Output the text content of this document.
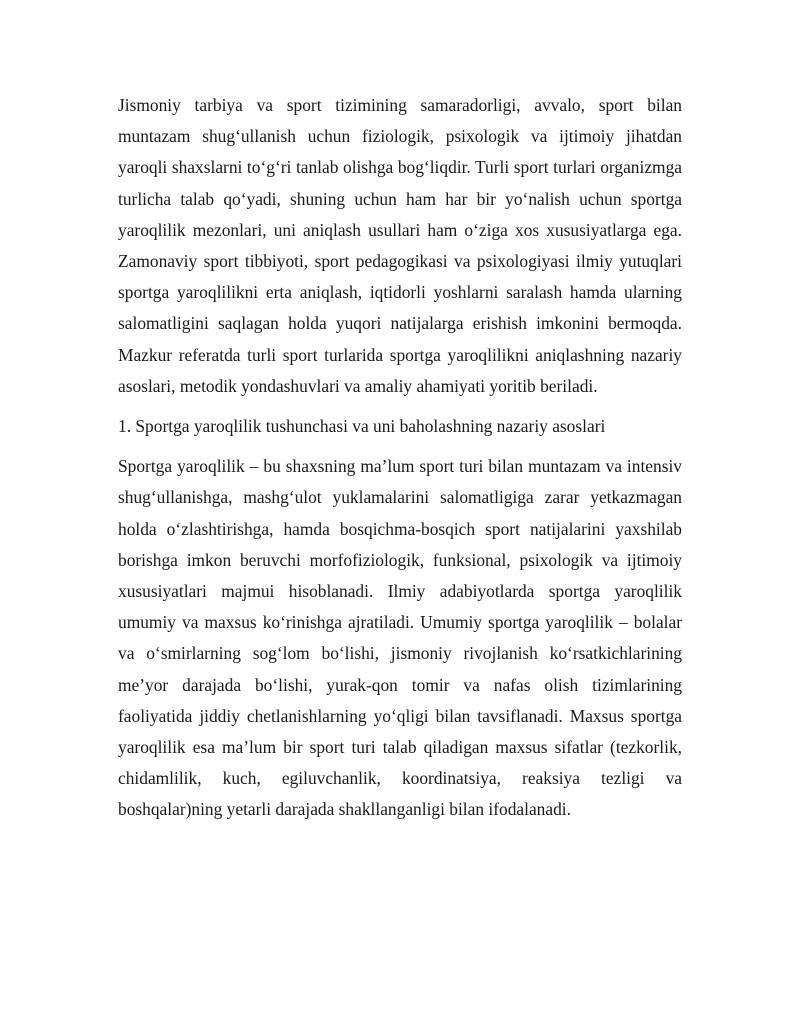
Jismoniy tarbiya va sport tizimining samaradorligi, avvalo, sport bilan muntazam shug‘ullanish uchun fiziologik, psixologik va ijtimoiy jihatdan yaroqli shaxslarni to‘g‘ri tanlab olishga bog‘liqdir. Turli sport turlari organizmga turlicha talab qo‘yadi, shuning uchun ham har bir yo‘nalish uchun sportga yaroqlilik mezonlari, uni aniqlash usullari ham o‘ziga xos xususiyatlarga ega. Zamonaviy sport tibbiyoti, sport pedagogikasi va psixologiyasi ilmiy yutuqlari sportga yaroqlilikni erta aniqlash, iqtidorli yoshlarni saralash hamda ularning salomatligini saqlagan holda yuqori natijalarga erishish imkonini bermoqda. Mazkur referatda turli sport turlarida sportga yaroqlilikni aniqlashning nazariy asoslari, metodik yondashuvlari va amaliy ahamiyati yoritib beriladi.

1. Sportga yaroqlilik tushunchasi va uni baholashning nazariy asoslari

Sportga yaroqlilik – bu shaxsning ma’lum sport turi bilan muntazam va intensiv shug‘ullanishga, mashg‘ulot yuklamalarini salomatligiga zarar yetkazmagan holda o‘zlashtirishga, hamda bosqichma-bosqich sport natijalarini yaxshilab borishga imkon beruvchi morfofiziologik, funksional, psixologik va ijtimoiy xususiyatlari majmui hisoblanadi. Ilmiy adabiyotlarda sportga yaroqlilik umumiy va maxsus ko‘rinishga ajratiladi. Umumiy sportga yaroqlilik – bolalar va o‘smirlarning sog‘lom bo‘lishi, jismoniy rivojlanish ko‘rsatkichlarining me’yor darajada bo‘lishi, yurak-qon tomir va nafas olish tizimlarining faoliyatida jiddiy chetlanishlarning yo‘qligi bilan tavsiflanadi. Maxsus sportga yaroqlilik esa ma’lum bir sport turi talab qiladigan maxsus sifatlar (tezkorlik, chidamlilik, kuch, egiluvchanlik, koordinatsiya, reaksiya tezligi va boshqalar)ning yetarli darajada shakllanganligi bilan ifodalanadi.
